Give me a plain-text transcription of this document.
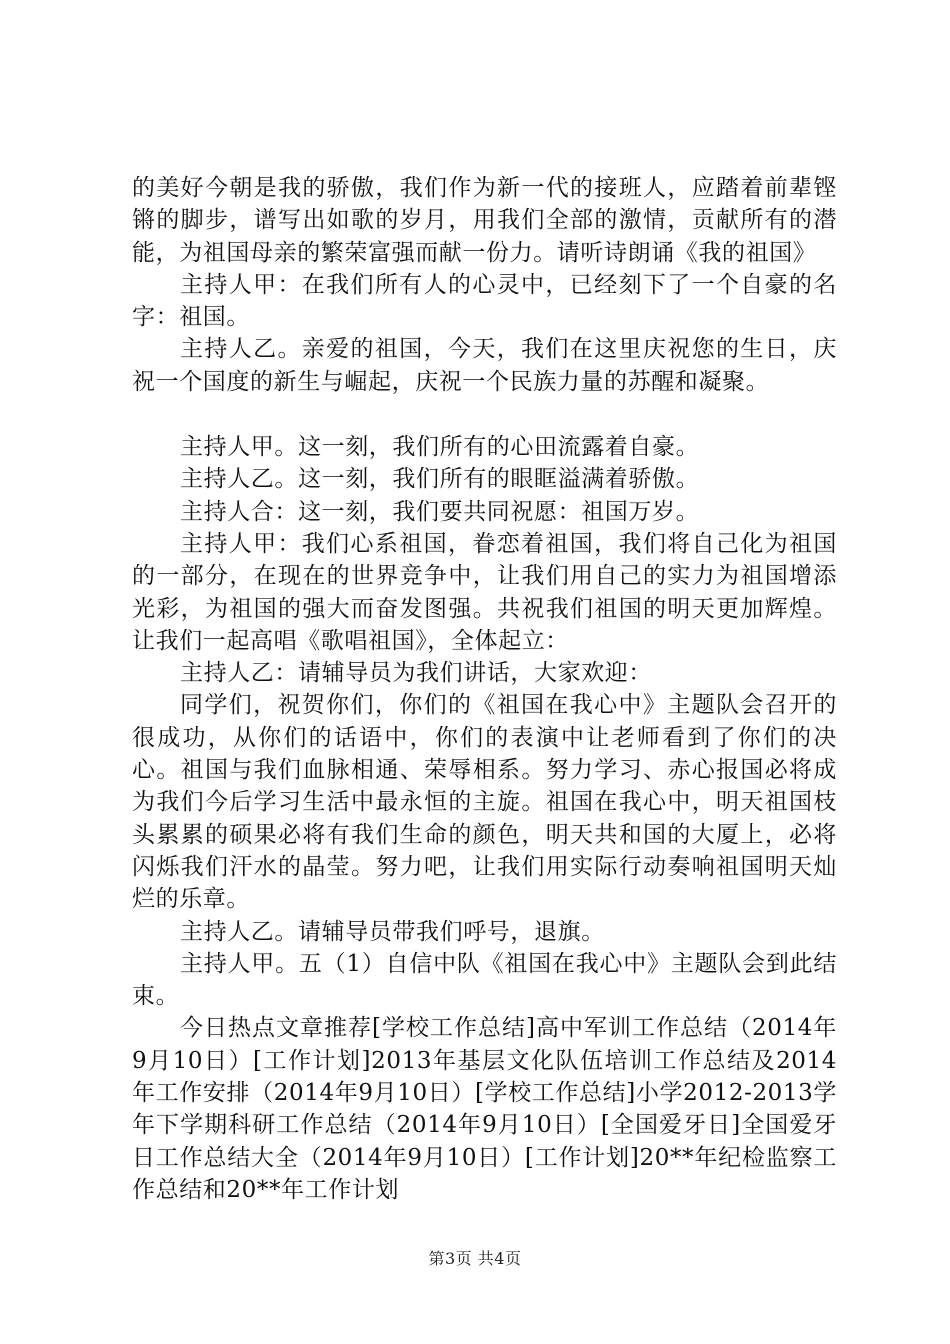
的美好今朝是我的骄傲，我们作为新一代的接班人，应踏着前辈铿锵的脚步，谱写出如歌的岁月，用我们全部的激情，贡献所有的潜能，为祖国母亲的繁荣富强而献一份力。请听诗朗诵《我的祖国》

主持人甲：在我们所有人的心灵中，已经刻下了一个自豪的名字：祖国。

主持人乙。亲爱的祖国，今天，我们在这里庆祝您的生日，庆祝一个国度的新生与崛起，庆祝一个民族力量的苏醒和凝聚。

主持人甲。这一刻，我们所有的心田流露着自豪。

主持人乙。这一刻，我们所有的眼眶溢满着骄傲。

主持人合：这一刻，我们要共同祝愿：祖国万岁。

主持人甲：我们心系祖国，眷恋着祖国，我们将自己化为祖国的一部分，在现在的世界竞争中，让我们用自己的实力为祖国增添光彩，为祖国的强大而奋发图强。共祝我们祖国的明天更加辉煌。让我们一起高唱《歌唱祖国》，全体起立：

主持人乙：请辅导员为我们讲话，大家欢迎：

同学们，祝贺你们，你们的《祖国在我心中》主题队会召开的很成功，从你们的话语中，你们的表演中让老师看到了你们的决心。祖国与我们血脉相通、荣辱相系。努力学习、赤心报国必将成为我们今后学习生活中最永恒的主旋。祖国在我心中，明天祖国枝头累累的硕果必将有我们生命的颜色，明天共和国的大厦上，必将闪烁我们汗水的晶莹。努力吧，让我们用实际行动奏响祖国明天灿烂的乐章。

主持人乙。请辅导员带我们呼号，退旗。

主持人甲。五（1）自信中队《祖国在我心中》主题队会到此结束。

今日热点文章推荐[学校工作总结]高中军训工作总结（2014年9月10日）[工作计划]2013年基层文化队伍培训工作总结及2014年工作安排（2014年9月10日）[学校工作总结]小学2012-2013学年下学期科研工作总结（2014年9月10日）[全国爱牙日]全国爱牙日工作总结大全（2014年9月10日）[工作计划]20**年纪检监察工作总结和20**年工作计划

第3页 共4页
